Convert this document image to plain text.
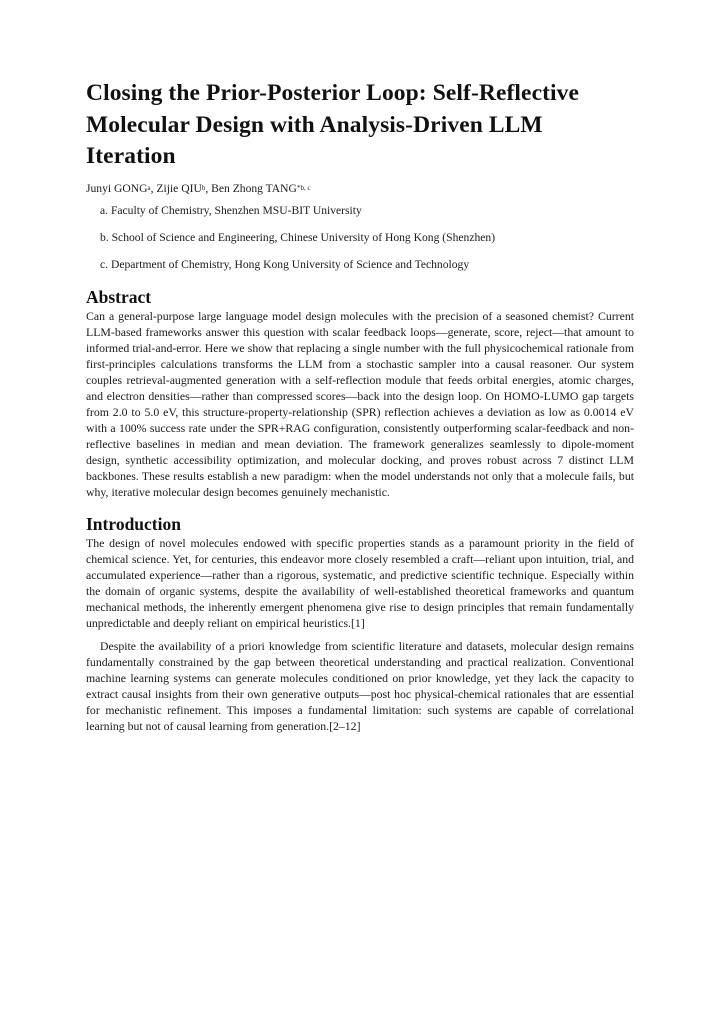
Closing the Prior-Posterior Loop: Self-Reflective Molecular Design with Analysis-Driven LLM Iteration
Junyi GONG$^a$, Zijie QIU$^b$, Ben Zhong TANG$^{*b, c}$
a. Faculty of Chemistry, Shenzhen MSU-BIT University
b. School of Science and Engineering, Chinese University of Hong Kong (Shenzhen)
c. Department of Chemistry, Hong Kong University of Science and Technology
Abstract

Can a general-purpose large language model design molecules with the precision of a seasoned chemist? Current LLM-based frameworks answer this question with scalar feedback loops—generate, score, reject—that amount to informed trial-and-error. Here we show that replacing a single number with the full physicochemical rationale from first-principles calculations transforms the LLM from a stochastic sampler into a causal reasoner. Our system couples retrieval-augmented generation with a self-reflection module that feeds orbital energies, atomic charges, and electron densities—rather than compressed scores—back into the design loop. On HOMO-LUMO gap targets from 2.0 to 5.0 eV, this structure-property-relationship (SPR) reflection achieves a deviation as low as 0.0014 eV with a 100% success rate under the SPR+RAG configuration, consistently outperforming scalar-feedback and non-reflective baselines in median and mean deviation. The framework generalizes seamlessly to dipole-moment design, synthetic accessibility optimization, and molecular docking, and proves robust across 7 distinct LLM backbones. These results establish a new paradigm: when the model understands not only that a molecule fails, but why, iterative molecular design becomes genuinely mechanistic.

Introduction

The design of novel molecules endowed with specific properties stands as a paramount priority in the field of chemical science. Yet, for centuries, this endeavor more closely resembled a craft—reliant upon intuition, trial, and accumulated experience—rather than a rigorous, systematic, and predictive scientific technique. Especially within the domain of organic systems, despite the availability of well-established theoretical frameworks and quantum mechanical methods, the inherently emergent phenomena give rise to design principles that remain fundamentally unpredictable and deeply reliant on empirical heuristics.[1]

Despite the availability of a priori knowledge from scientific literature and datasets, molecular design remains fundamentally constrained by the gap between theoretical understanding and practical realization. Conventional machine learning systems can generate molecules conditioned on prior knowledge, yet they lack the capacity to extract causal insights from their own generative outputs—post hoc physical-chemical rationales that are essential for mechanistic refinement. This imposes a fundamental limitation: such systems are capable of correlational learning but not of causal learning from generation.[2–12]
